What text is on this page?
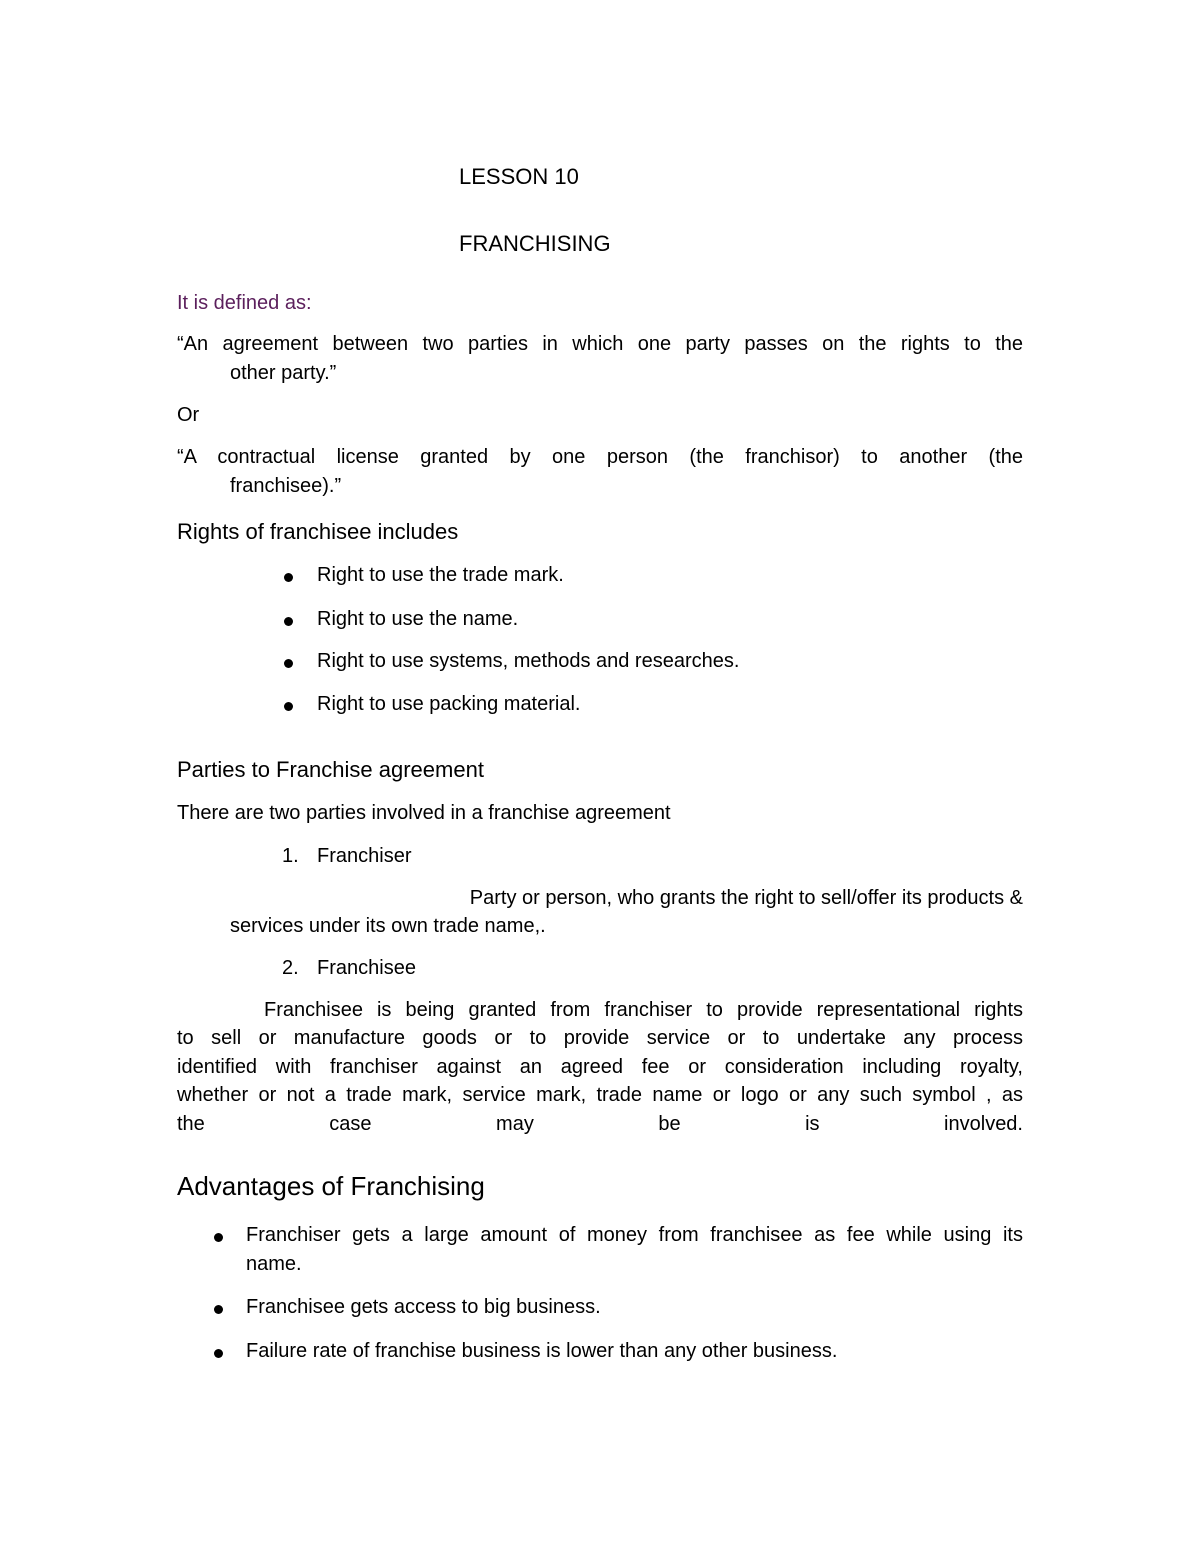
LESSON 10
FRANCHISING
It is defined as:
“An agreement between two parties in which one party passes on the rights to the
other party.”
Or
“A contractual license granted by one person (the franchisor) to another (the
franchisee).”
Rights of franchisee includes
Right to use the trade mark.
Right to use the name.
Right to use systems, methods and researches.
Right to use packing material.
Parties to Franchise agreement
There are two parties involved in a franchise agreement
1. Franchiser
Party or person, who grants the right to sell/offer its products &
services under its own trade name,.
2. Franchisee
Franchisee is being granted from franchiser to provide representational rights
to sell or manufacture goods or to provide service or to undertake any process
identified with franchiser against an agreed fee or consideration including royalty,
whether or not a trade mark, service mark, trade name or logo or any such symbol , as
the case may be is involved.
Advantages of Franchising
Franchiser gets a large amount of money from franchisee as fee while using its
name.
Franchisee gets access to big business.
Failure rate of franchise business is lower than any other business.
